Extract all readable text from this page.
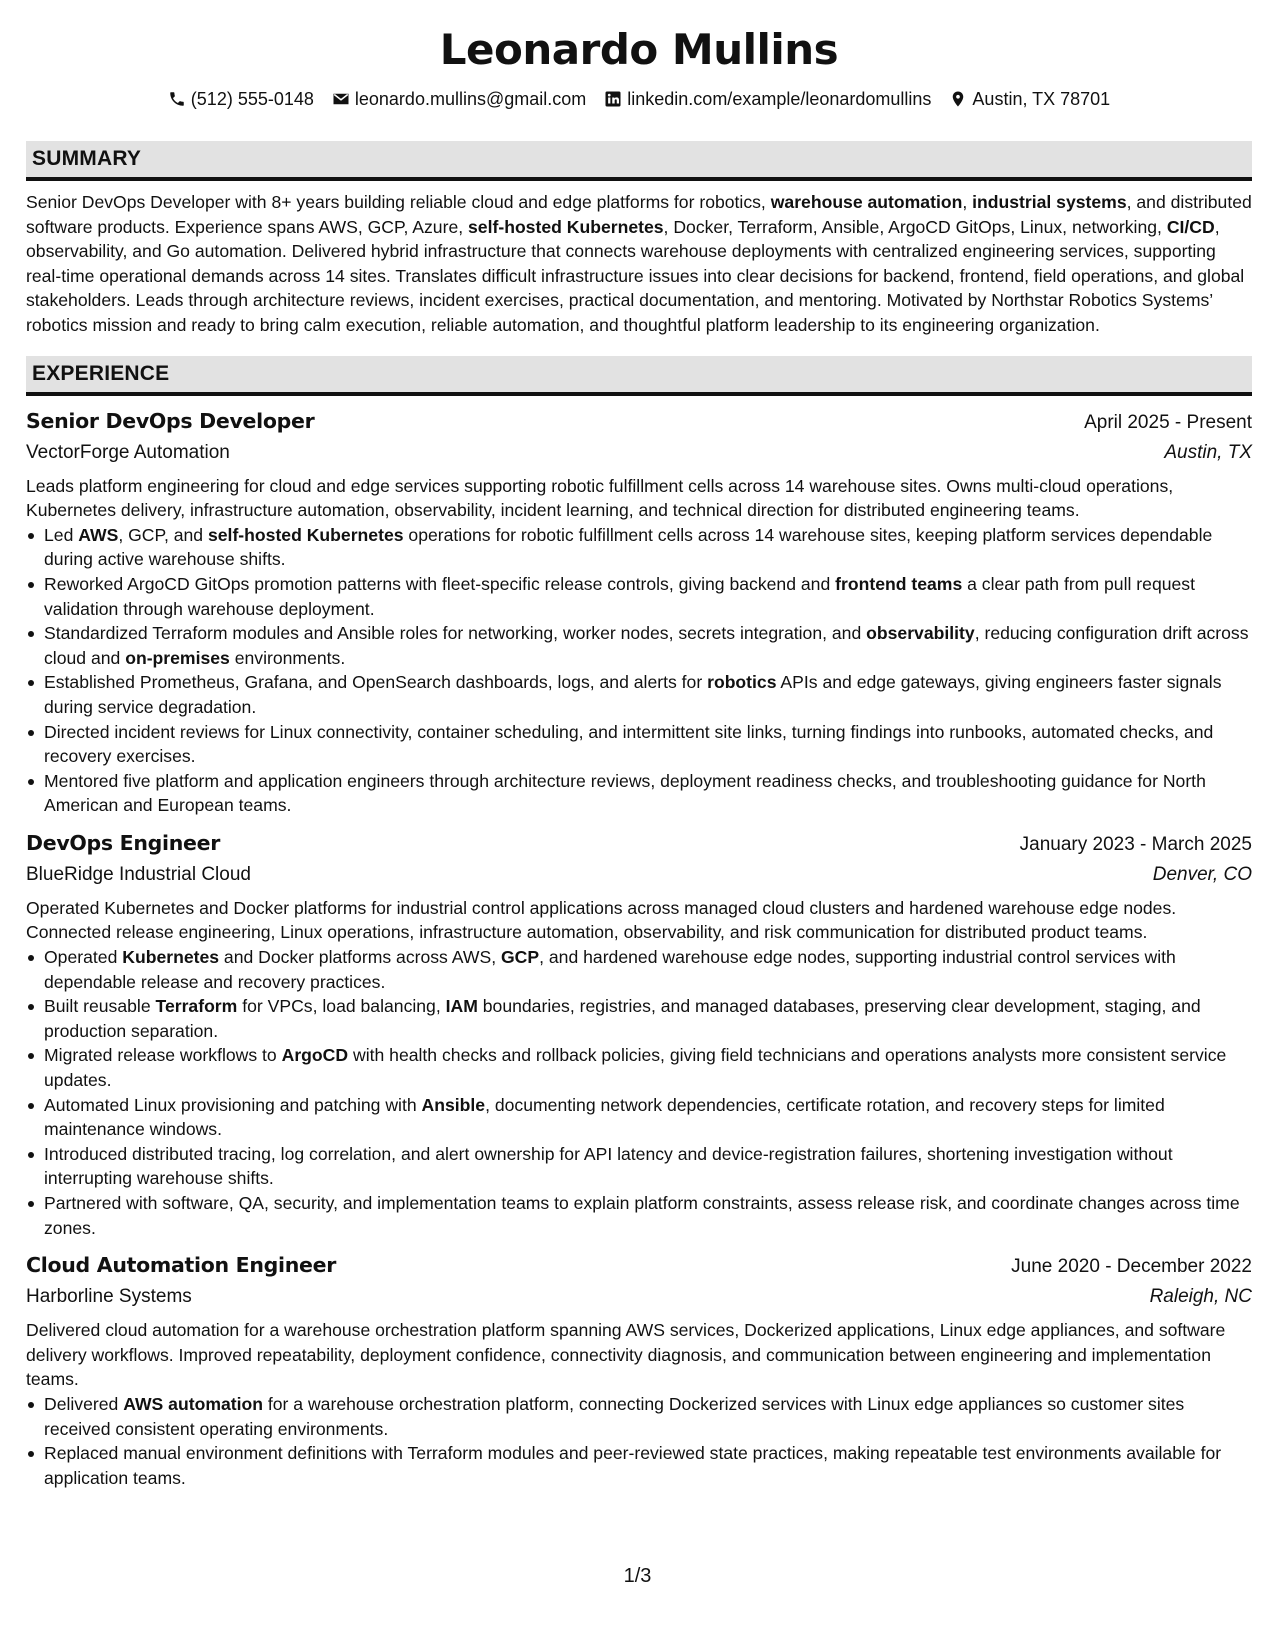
Leonardo Mullins
(512) 555-0148 leonardo.mullins@gmail.com linkedin.com/example/leonardomullins Austin, TX 78701
SUMMARY

Senior DevOps Developer with 8+ years building reliable cloud and edge platforms for robotics, warehouse automation, industrial systems, and distributed software products. Experience spans AWS, GCP, Azure, self-hosted Kubernetes, Docker, Terraform, Ansible, ArgoCD GitOps, Linux, networking, CI/CD, observability, and Go automation. Delivered hybrid infrastructure that connects warehouse deployments with centralized engineering services, supporting real-time operational demands across 14 sites. Translates difficult infrastructure issues into clear decisions for backend, frontend, field operations, and global stakeholders. Leads through architecture reviews, incident exercises, practical documentation, and mentoring. Motivated by Northstar Robotics Systems’ robotics mission and ready to bring calm execution, reliable automation, and thoughtful platform leadership to its engineering organization.

EXPERIENCE
Senior DevOps Developer	April 2025 - Present
VectorForge Automation	Austin, TX

Leads platform engineering for cloud and edge services supporting robotic fulfillment cells across 14 warehouse sites. Owns multi-cloud operations, Kubernetes delivery, infrastructure automation, observability, incident learning, and technical direction for distributed engineering teams.

Led AWS, GCP, and self-hosted Kubernetes operations for robotic fulfillment cells across 14 warehouse sites, keeping platform services dependable during active warehouse shifts.
Reworked ArgoCD GitOps promotion patterns with fleet-specific release controls, giving backend and frontend teams a clear path from pull request validation through warehouse deployment.
Standardized Terraform modules and Ansible roles for networking, worker nodes, secrets integration, and observability, reducing configuration drift across cloud and on-premises environments.
Established Prometheus, Grafana, and OpenSearch dashboards, logs, and alerts for robotics APIs and edge gateways, giving engineers faster signals during service degradation.
Directed incident reviews for Linux connectivity, container scheduling, and intermittent site links, turning findings into runbooks, automated checks, and recovery exercises.
Mentored five platform and application engineers through architecture reviews, deployment readiness checks, and troubleshooting guidance for North American and European teams.
DevOps Engineer	January 2023 - March 2025
BlueRidge Industrial Cloud	Denver, CO

Operated Kubernetes and Docker platforms for industrial control applications across managed cloud clusters and hardened warehouse edge nodes. Connected release engineering, Linux operations, infrastructure automation, observability, and risk communication for distributed product teams.

Operated Kubernetes and Docker platforms across AWS, GCP, and hardened warehouse edge nodes, supporting industrial control services with dependable release and recovery practices.
Built reusable Terraform for VPCs, load balancing, IAM boundaries, registries, and managed databases, preserving clear development, staging, and production separation.
Migrated release workflows to ArgoCD with health checks and rollback policies, giving field technicians and operations analysts more consistent service updates.
Automated Linux provisioning and patching with Ansible, documenting network dependencies, certificate rotation, and recovery steps for limited maintenance windows.
Introduced distributed tracing, log correlation, and alert ownership for API latency and device-registration failures, shortening investigation without interrupting warehouse shifts.
Partnered with software, QA, security, and implementation teams to explain platform constraints, assess release risk, and coordinate changes across time zones.
Cloud Automation Engineer	June 2020 - December 2022
Harborline Systems	Raleigh, NC

Delivered cloud automation for a warehouse orchestration platform spanning AWS services, Dockerized applications, Linux edge appliances, and software delivery workflows. Improved repeatability, deployment confidence, connectivity diagnosis, and communication between engineering and implementation teams.

Delivered AWS automation for a warehouse orchestration platform, connecting Dockerized services with Linux edge appliances so customer sites received consistent operating environments.
Replaced manual environment definitions with Terraform modules and peer-reviewed state practices, making repeatable test environments available for application teams.
1/3
